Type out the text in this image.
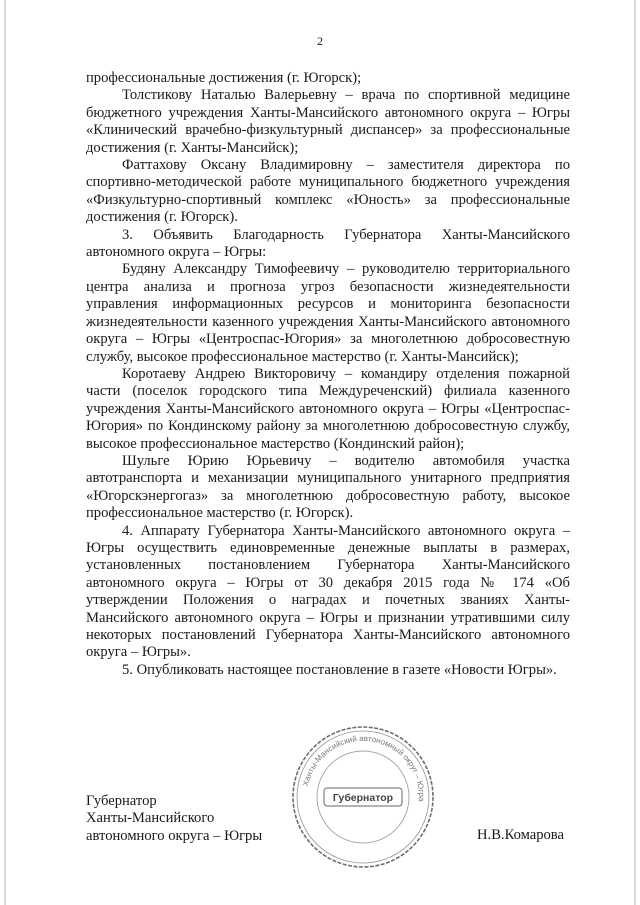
2

профессиональные достижения (г. Югорск);

Толстикову Наталью Валерьевну – врача по спортивной медицине бюджетного учреждения Ханты-Мансийского автономного округа – Югры «Клинический врачебно-физкультурный диспансер» за профессиональные достижения (г. Ханты-Мансийск);

Фаттахову Оксану Владимировну – заместителя директора по спортивно-методической работе муниципального бюджетного учреждения «Физкультурно-спортивный комплекс «Юность» за профессиональные достижения (г. Югорск).

3. Объявить Благодарность Губернатора Ханты-Мансийского автономного округа – Югры:

Будяну Александру Тимофеевичу – руководителю территориального центра анализа и прогноза угроз безопасности жизнедеятельности управления информационных ресурсов и мониторинга безопасности жизнедеятельности казенного учреждения Ханты-Мансийского автономного округа – Югры «Центроспас-Югория» за многолетнюю добросовестную службу, высокое профессиональное мастерство (г. Ханты-Мансийск);

Коротаеву Андрею Викторовичу – командиру отделения пожарной части (поселок городского типа Междуреченский) филиала казенного учреждения Ханты-Мансийского автономного округа – Югры «Центроспас-Югория» по Кондинскому району за многолетнюю добросовестную службу, высокое профессиональное мастерство (Кондинский район);

Шульге Юрию Юрьевичу – водителю автомобиля участка автотранспорта и механизации муниципального унитарного предприятия «Югорскэнергогаз» за многолетнюю добросовестную работу, высокое профессиональное мастерство (г. Югорск).

4. Аппарату Губернатора Ханты-Мансийского автономного округа – Югры осуществить единовременные денежные выплаты в размерах, установленных постановлением Губернатора Ханты-Мансийского автономного округа – Югры от 30 декабря 2015 года № 174 «Об утверждении Положения о наградах и почетных званиях Ханты-Мансийского автономного округа – Югры и признании утратившими силу некоторых постановлений Губернатора Ханты-Мансийского автономного округа – Югры».

5. Опубликовать настоящее постановление в газете «Новости Югры».

Ханты-Мансийский автономный округ – Югра
Губернатор
Губернатор
Ханты-Мансийского
автономного округа – Югры	Н.В.Комарова
